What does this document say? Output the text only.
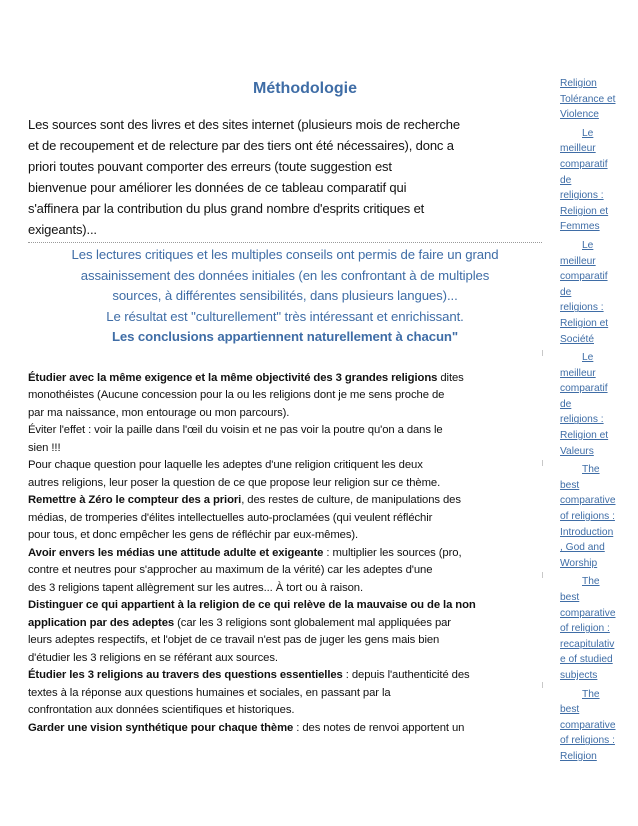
Méthodologie

Les sources sont des livres et des sites internet (plusieurs mois de recherche

et de recoupement et de relecture par des tiers ont été nécessaires), donc a

priori toutes pouvant comporter des erreurs (toute suggestion est

bienvenue pour améliorer les données de ce tableau comparatif qui

s'affinera par la contribution du plus grand nombre d'esprits critiques et

exigeants)...

Les lectures critiques et les multiples conseils ont permis de faire un grand

assainissement des données initiales (en les confrontant à de multiples

sources, à différentes sensibilités, dans plusieurs langues)...

Le résultat est "culturellement" très intéressant et enrichissant.

Les conclusions appartiennent naturellement à chacun"

Étudier avec la même exigence et la même objectivité des 3 grandes religions dites

monothéistes (Aucune concession pour la ou les religions dont je me sens proche de

par ma naissance, mon entourage ou mon parcours).

Éviter l'effet : voir la paille dans l'œil du voisin et ne pas voir la poutre qu'on a dans le

sien !!!

Pour chaque question pour laquelle les adeptes d'une religion critiquent les deux

autres religions, leur poser la question de ce que propose leur religion sur ce thème.

Remettre à Zéro le compteur des a priori, des restes de culture, de manipulations des

médias, de tromperies d'élites intellectuelles auto-proclamées (qui veulent réfléchir

pour tous, et donc empêcher les gens de réfléchir par eux-mêmes).

Avoir envers les médias une attitude adulte et exigeante : multiplier les sources (pro,

contre et neutres pour s'approcher au maximum de la vérité) car les adeptes d'une

des 3 religions tapent allègrement sur les autres... À tort ou à raison.

Distinguer ce qui appartient à la religion de ce qui relève de la mauvaise ou de la non

application par des adeptes (car les 3 religions sont globalement mal appliquées par

leurs adeptes respectifs, et l'objet de ce travail n'est pas de juger les gens mais bien

d'étudier les 3 religions en se référant aux sources.

Étudier les 3 religions au travers des questions essentielles : depuis l'authenticité des

textes à la réponse aux questions humaines et sociales, en passant par la

confrontation aux données scientifiques et historiques.

Garder une vision synthétique pour chaque thème : des notes de renvoi apportent un

Religion
Tolérance et
Violence
Le
meilleur
comparatif
de
religions :
Religion et
Femmes
Le
meilleur
comparatif
de
religions :
Religion et
Société
Le
meilleur
comparatif
de
religions :
Religion et
Valeurs
The
best
comparative
of religions :
Introduction
, God and
Worship
The
best
comparative
of religion :
recapitulativ
e of studied
subjects
The
best
comparative
of religions :
Religion
